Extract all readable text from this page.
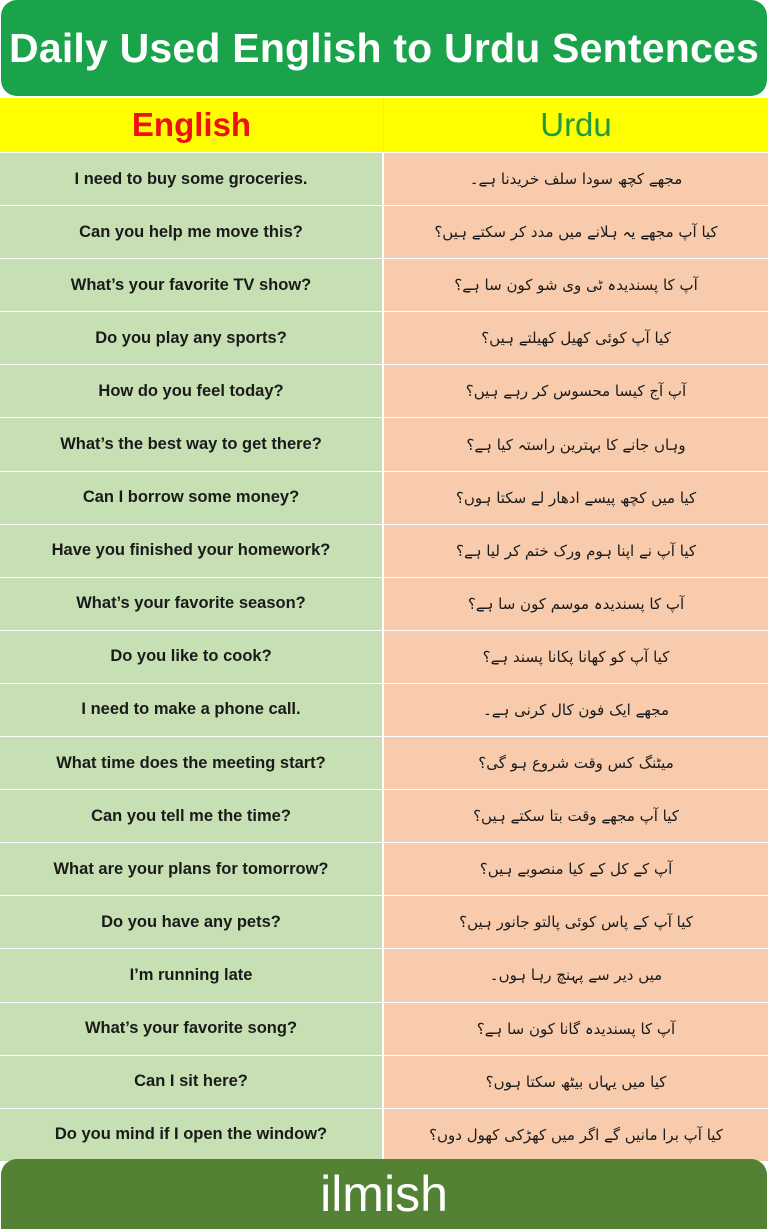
Daily Used English to Urdu Sentences
English	Urdu
I need to buy some groceries.	مجھے کچھ سودا سلف خریدنا ہے۔
Can you help me move this?	کیا آپ مجھے یہ ہلانے میں مدد کر سکتے ہیں؟
What’s your favorite TV show?	آپ کا پسندیدہ ٹی وی شو کون سا ہے؟
Do you play any sports?	کیا آپ کوئی کھیل کھیلتے ہیں؟
How do you feel today?	آپ آج کیسا محسوس کر رہے ہیں؟
What’s the best way to get there?	وہاں جانے کا بہترین راستہ کیا ہے؟
Can I borrow some money?	کیا میں کچھ پیسے ادھار لے سکتا ہوں؟
Have you finished your homework?	کیا آپ نے اپنا ہوم ورک ختم کر لیا ہے؟
What’s your favorite season?	آپ کا پسندیدہ موسم کون سا ہے؟
Do you like to cook?	کیا آپ کو کھانا پکانا پسند ہے؟
I need to make a phone call.	مجھے ایک فون کال کرنی ہے۔
What time does the meeting start?	میٹنگ کس وقت شروع ہو گی؟
Can you tell me the time?	کیا آپ مجھے وقت بتا سکتے ہیں؟
What are your plans for tomorrow?	آپ کے کل کے کیا منصوبے ہیں؟
Do you have any pets?	کیا آپ کے پاس کوئی پالتو جانور ہیں؟
I’m running late	میں دیر سے پہنچ رہا ہوں۔
What’s your favorite song?	آپ کا پسندیدہ گانا کون سا ہے؟
Can I sit here?	کیا میں یہاں بیٹھ سکتا ہوں؟
Do you mind if I open the window?	کیا آپ برا مانیں گے اگر میں کھڑکی کھول دوں؟
ilmish
